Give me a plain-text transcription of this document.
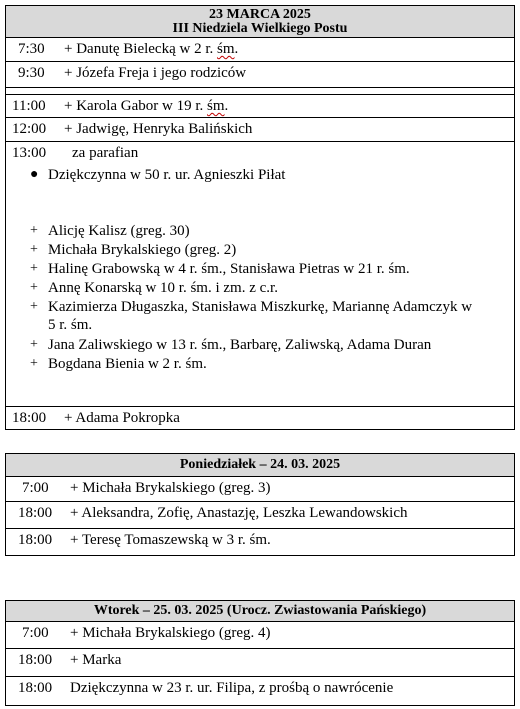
23 MARCA 2025
III Niedziela Wielkiego Postu
7:30 + Danutę Bielecką w 2 r. śm.
9:30 + Józefa Freja i jego rodziców
11:00 + Karola Gabor w 19 r. śm.
12:00 + Jadwigę, Henryka Balińskich
13:00 za parafian
● Dziękczynna w 50 r. ur. Agnieszki Piłat
+ Alicję Kalisz (greg. 30)
+ Michała Brykalskiego (greg. 2)
+ Halinę Grabowską w 4 r. śm., Stanisława Pietras w 21 r. śm.
+ Annę Konarską w 10 r. śm. i zm. z c.r.
+ Kazimierza Długaszka, Stanisława Miszkurkę, Mariannę Adamczyk w
5 r. śm.
+ Jana Zaliwskiego w 13 r. śm., Barbarę, Zaliwską, Adama Duran
+ Bogdana Bienia w 2 r. śm.
18:00 + Adama Pokropka
Poniedziałek – 24. 03. 2025
7:00 + Michała Brykalskiego (greg. 3)
18:00 + Aleksandra, Zofię, Anastazję, Leszka Lewandowskich
18:00 + Teresę Tomaszewską w 3 r. śm.
Wtorek – 25. 03. 2025 (Urocz. Zwiastowania Pańskiego)
7:00 + Michała Brykalskiego (greg. 4)
18:00 + Marka
18:00 Dziękczynna w 23 r. ur. Filipa, z prośbą o nawrócenie
